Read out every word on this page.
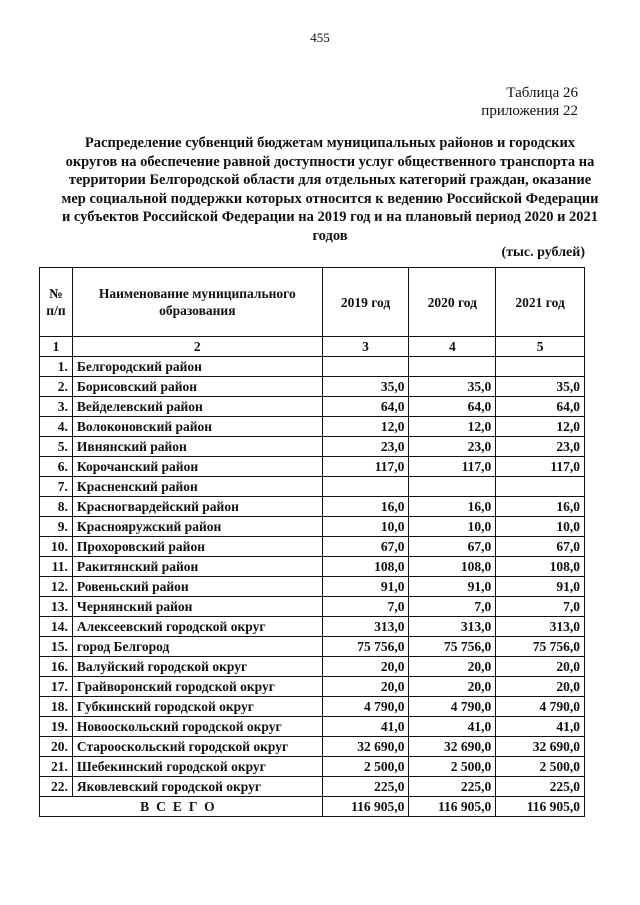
455
Таблица 26
приложения 22
Распределение субвенций бюджетам муниципальных районов и городских округов на обеспечение равной доступности услуг общественного транспорта на территории Белгородской области для отдельных категорий граждан, оказание мер социальной поддержки которых относится к ведению Российской Федерации и субъектов Российской Федерации на 2019 год и на плановый период 2020 и 2021 годов
(тыс. рублей)
№ п/п	Наименование муниципального образования	2019 год	2020 год	2021 год
1	2	3	4	5
1.	Белгородский район			
2.	Борисовский район	35,0	35,0	35,0
3.	Вейделевский район	64,0	64,0	64,0
4.	Волоконовский район	12,0	12,0	12,0
5.	Ивнянский район	23,0	23,0	23,0
6.	Корочанский район	117,0	117,0	117,0
7.	Красненский район			
8.	Красногвардейский район	16,0	16,0	16,0
9.	Краснояружский район	10,0	10,0	10,0
10.	Прохоровский район	67,0	67,0	67,0
11.	Ракитянский район	108,0	108,0	108,0
12.	Ровеньский район	91,0	91,0	91,0
13.	Чернянский район	7,0	7,0	7,0
14.	Алексеевский городской округ	313,0	313,0	313,0
15.	город Белгород	75 756,0	75 756,0	75 756,0
16.	Валуйский городской округ	20,0	20,0	20,0
17.	Грайворонский городской округ	20,0	20,0	20,0
18.	Губкинский городской округ	4 790,0	4 790,0	4 790,0
19.	Новооскольский городской округ	41,0	41,0	41,0
20.	Старооскольский городской округ	32 690,0	32 690,0	32 690,0
21.	Шебекинский городской округ	2 500,0	2 500,0	2 500,0
22.	Яковлевский городской округ	225,0	225,0	225,0
ВСЕГО		116 905,0	116 905,0	116 905,0
